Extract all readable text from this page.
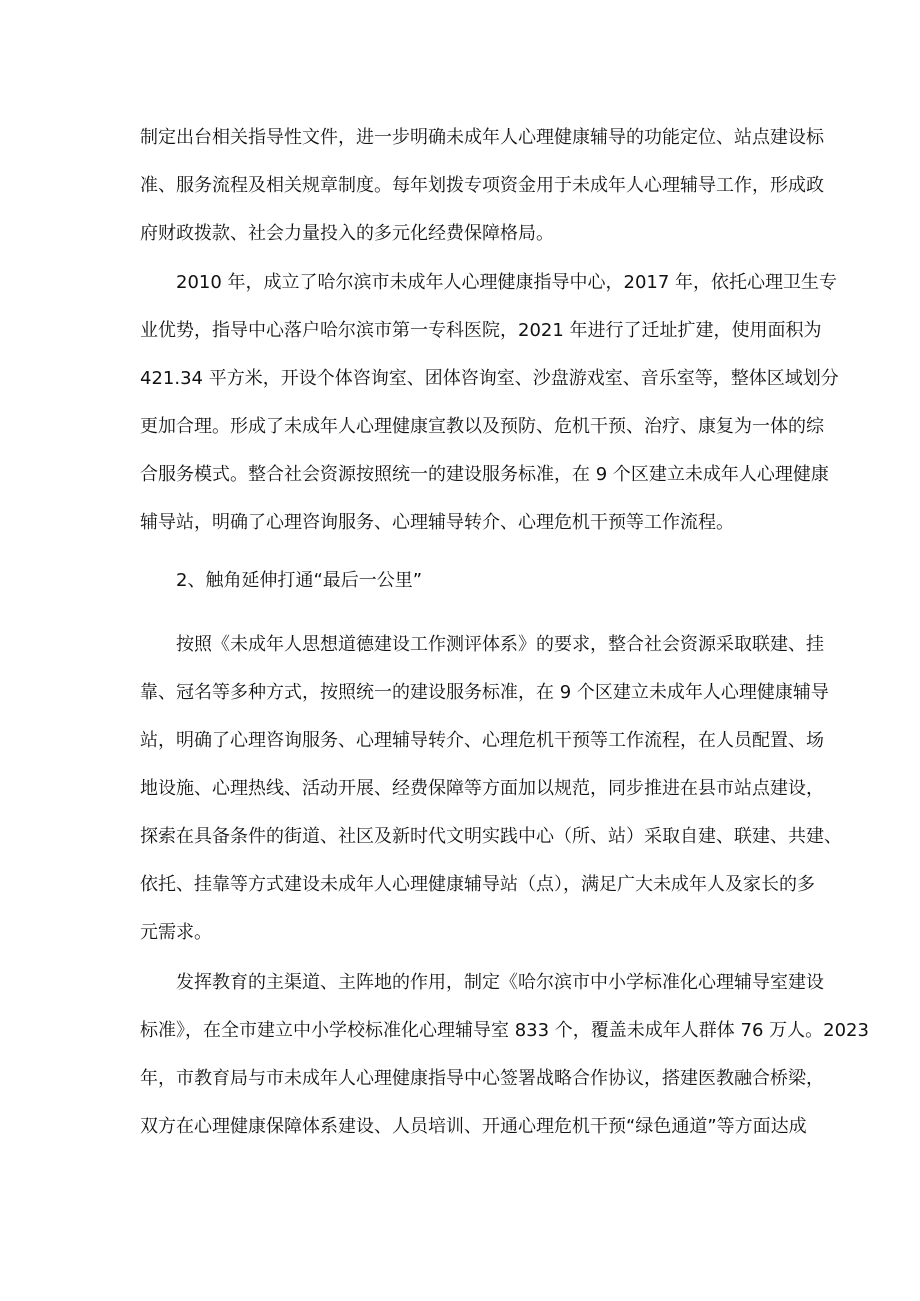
制定出台相关指导性文件，进一步明确未成年人心理健康辅导的功能定位、站点建设标
准、服务流程及相关规章制度。每年划拨专项资金用于未成年人心理辅导工作，形成政
府财政拨款、社会力量投入的多元化经费保障格局。
2010 年，成立了哈尔滨市未成年人心理健康指导中心，2017 年，依托心理卫生专
业优势，指导中心落户哈尔滨市第一专科医院，2021 年进行了迁址扩建，使用面积为
421.34 平方米，开设个体咨询室、团体咨询室、沙盘游戏室、音乐室等，整体区域划分
更加合理。形成了未成年人心理健康宣教以及预防、危机干预、治疗、康复为一体的综
合服务模式。整合社会资源按照统一的建设服务标准，在 9 个区建立未成年人心理健康
辅导站，明确了心理咨询服务、心理辅导转介、心理危机干预等工作流程。
2、触角延伸打通“最后一公里”
按照《未成年人思想道德建设工作测评体系》的要求，整合社会资源采取联建、挂
靠、冠名等多种方式，按照统一的建设服务标准，在 9 个区建立未成年人心理健康辅导
站，明确了心理咨询服务、心理辅导转介、心理危机干预等工作流程，在人员配置、场
地设施、心理热线、活动开展、经费保障等方面加以规范，同步推进在县市站点建设，
探索在具备条件的街道、社区及新时代文明实践中心（所、站）采取自建、联建、共建、
依托、挂靠等方式建设未成年人心理健康辅导站（点），满足广大未成年人及家长的多
元需求。
发挥教育的主渠道、主阵地的作用，制定《哈尔滨市中小学标准化心理辅导室建设
标准》，在全市建立中小学校标准化心理辅导室 833 个，覆盖未成年人群体 76 万人。2023
年，市教育局与市未成年人心理健康指导中心签署战略合作协议，搭建医教融合桥梁，
双方在心理健康保障体系建设、人员培训、开通心理危机干预“绿色通道”等方面达成
